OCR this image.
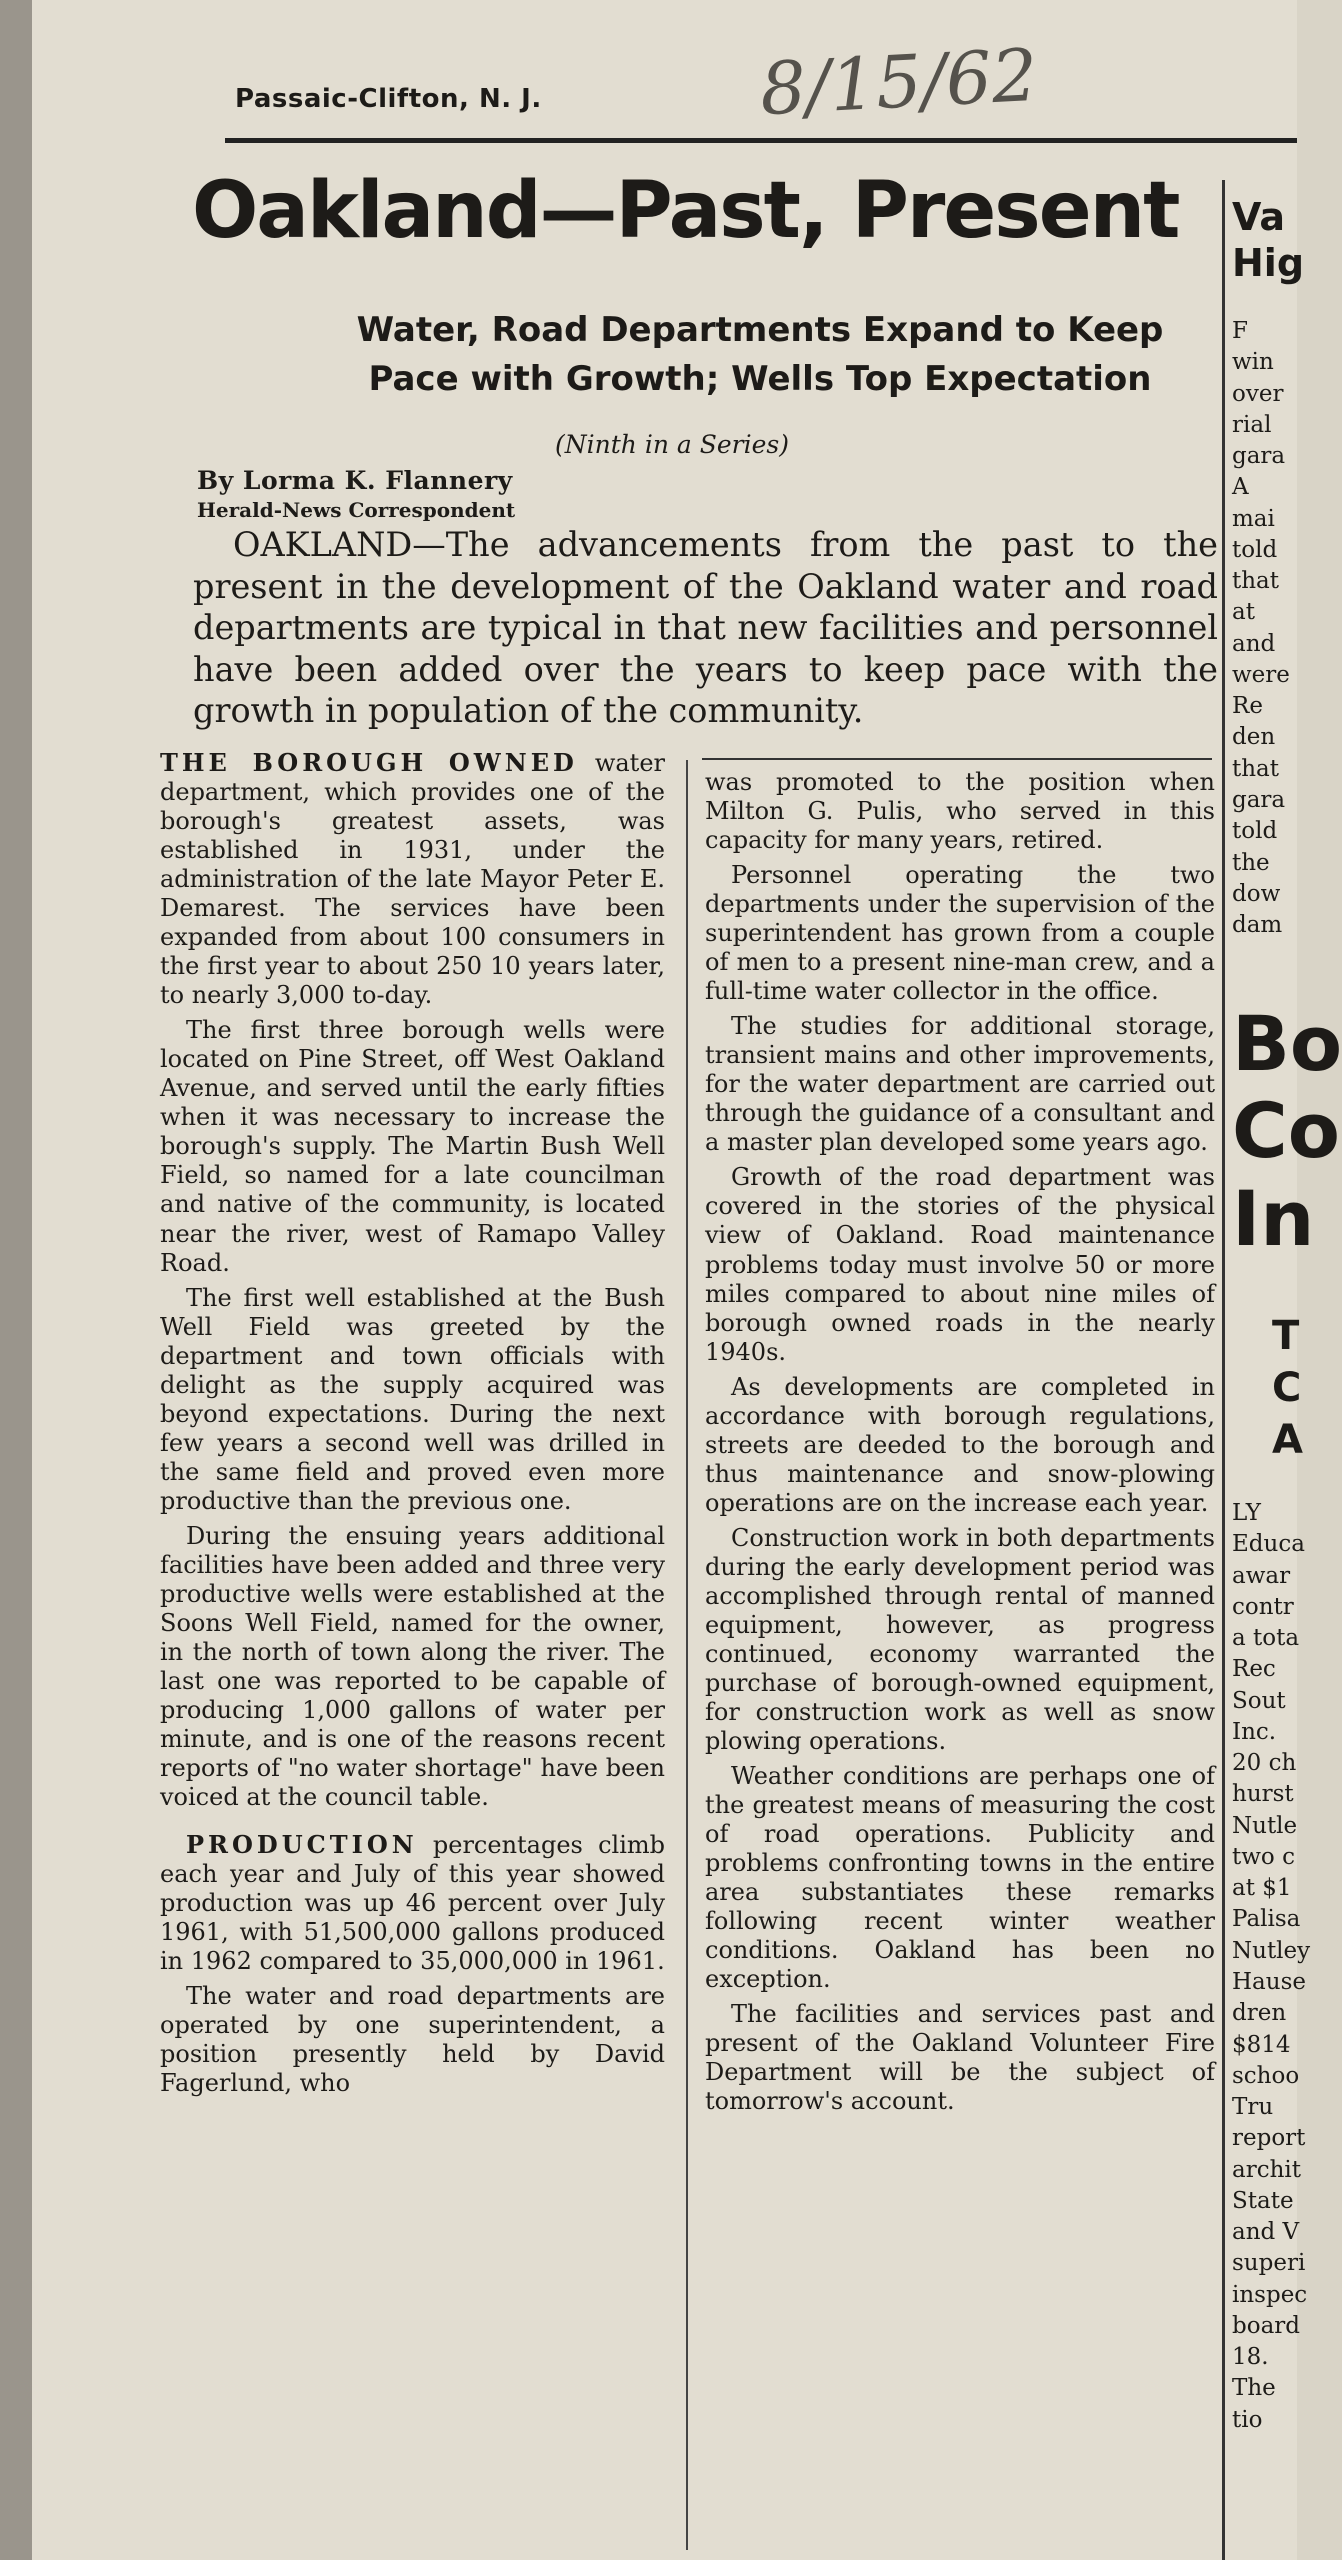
Passaic-Clifton, N. J.	8/15/62
Oakland—Past, Present
Water, Road Departments Expand to Keep
Pace with Growth; Wells Top Expectation
(Ninth in a Series)
By Lorma K. Flannery
Herald-News Correspondent
OAKLAND—The advancements from the past to the present in the development of the Oakland water and road departments are typical in that new facilities and personnel have been added over the years to keep pace with the growth in population of the community.

THE BOROUGH OWNED water department, which provides one of the borough's greatest assets, was established in 1931, under the administration of the late Mayor Peter E. Demarest. The services have been expanded from about 100 consumers in the first year to about 250 10 years later, to nearly 3,000 to-day.

The first three borough wells were located on Pine Street, off West Oakland Avenue, and served until the early fifties when it was necessary to increase the borough's supply. The Martin Bush Well Field, so named for a late councilman and native of the community, is located near the river, west of Ramapo Valley Road.

The first well established at the Bush Well Field was greeted by the department and town officials with delight as the supply acquired was beyond expectations. During the next few years a second well was drilled in the same field and proved even more productive than the previous one.

During the ensuing years additional facilities have been added and three very productive wells were established at the Soons Well Field, named for the owner, in the north of town along the river. The last one was reported to be capable of producing 1,000 gallons of water per minute, and is one of the reasons recent reports of "no water shortage" have been voiced at the council table.

PRODUCTION percentages climb each year and July of this year showed production was up 46 percent over July 1961, with 51,500,000 gallons produced in 1962 compared to 35,000,000 in 1961.

The water and road departments are operated by one superintendent, a position presently held by David Fagerlund, who

was promoted to the position when Milton G. Pulis, who served in this capacity for many years, retired.

Personnel operating the two departments under the supervision of the superintendent has grown from a couple of men to a present nine-man crew, and a full-time water collector in the office.

The studies for additional storage, transient mains and other improvements, for the water department are carried out through the guidance of a consultant and a master plan developed some years ago.

Growth of the road department was covered in the stories of the physical view of Oakland. Road maintenance problems today must involve 50 or more miles compared to about nine miles of borough owned roads in the nearly 1940s.

As developments are completed in accordance with borough regulations, streets are deeded to the borough and thus maintenance and snow-plowing operations are on the increase each year.

Construction work in both departments during the early development period was accomplished through rental of manned equipment, however, as progress continued, economy warranted the purchase of borough-owned equipment, for construction work as well as snow plowing operations.

Weather conditions are perhaps one of the greatest means of measuring the cost of road operations. Publicity and problems confronting towns in the entire area substantiates these remarks following recent winter weather conditions. Oakland has been no exception.

The facilities and services past and present of the Oakland Volunteer Fire Department will be the subject of tomorrow's account.

Va
Hig
F
win
over
rial
gara
A
mai
told
that
at
and
were
Re
den
that
gara
told
the
dow
dam
Bo
Co
In
T
C
A
LY
Educa
awar
contr
a tota
Rec
Sout
Inc.
20 ch
hurst
Nutle
two c
at $1
Palisa
Nutley
Hause
dren
$814
schoo
Tru
report
archit
State
and V
superi
inspec
board
18.
The
tio
